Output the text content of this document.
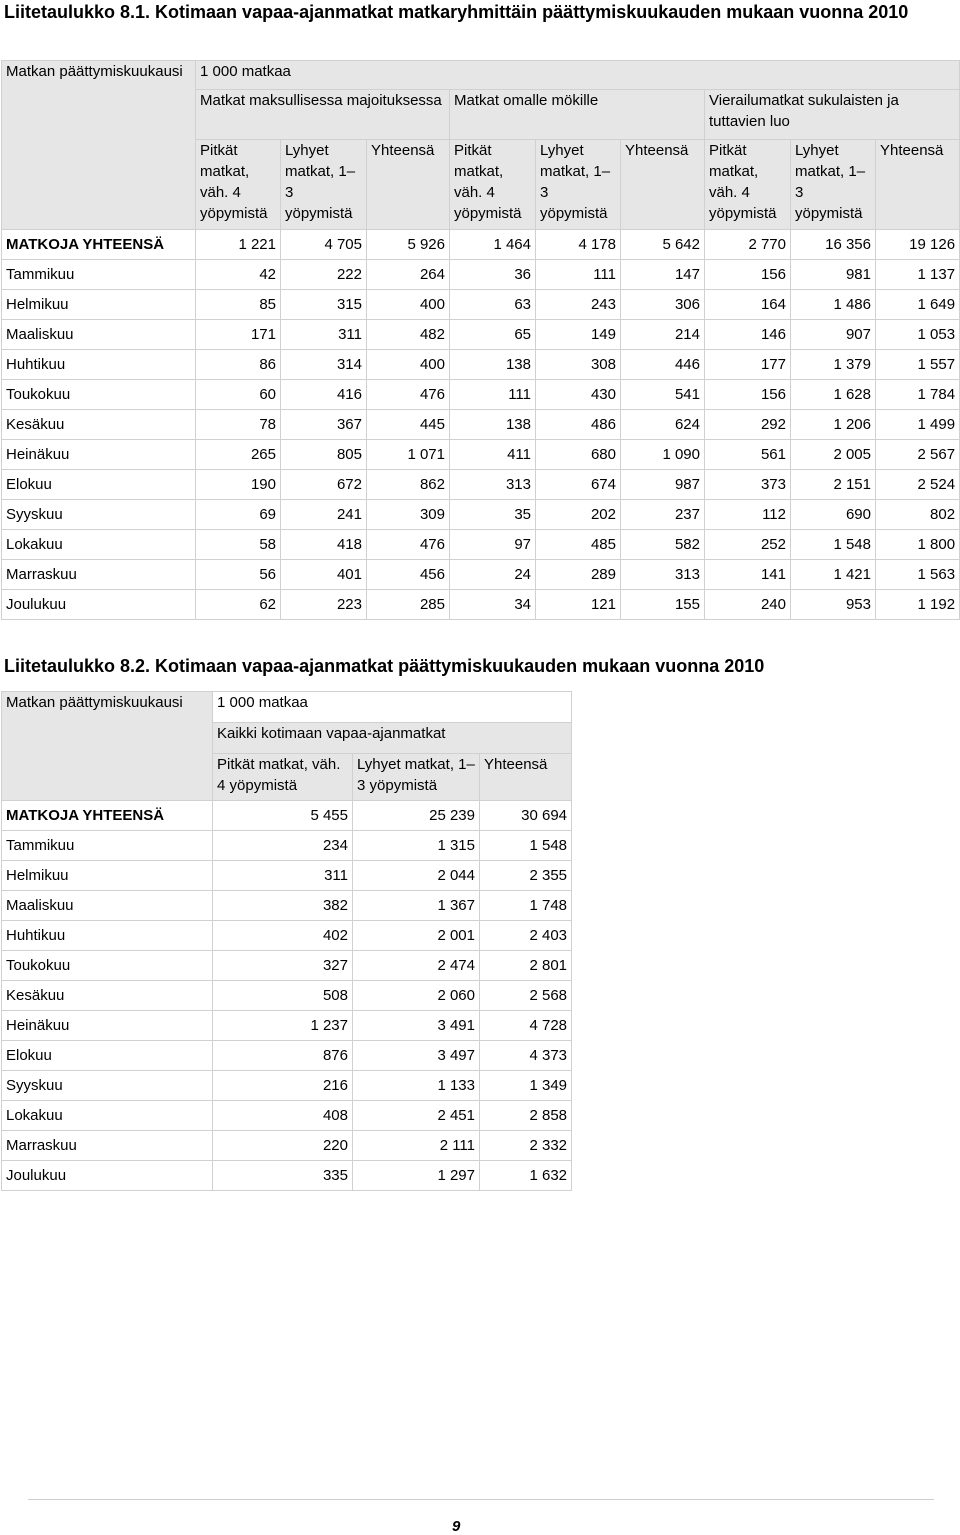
Liitetaulukko 8.1. Kotimaan vapaa-ajanmatkat matkaryhmittäin päättymiskuukauden mukaan vuonna 2010
Matkan päättymiskuukausi	1 000 matkaa								
	Matkat maksullisessa majoituksessa			Matkat omalle mökille			Vierailumatkat sukulaisten ja tuttavien luo		
	Pitkät matkat, väh. 4 yöpymistä	Lyhyet matkat, 1–3 yöpymistä	Yhteensä	Pitkät matkat, väh. 4 yöpymistä	Lyhyet matkat, 1–3 yöpymistä	Yhteensä	Pitkät matkat, väh. 4 yöpymistä	Lyhyet matkat, 1–3 yöpymistä	Yhteensä
MATKOJA YHTEENSÄ	1 221	4 705	5 926	1 464	4 178	5 642	2 770	16 356	19 126
Tammikuu	42	222	264	36	111	147	156	981	1 137
Helmikuu	85	315	400	63	243	306	164	1 486	1 649
Maaliskuu	171	311	482	65	149	214	146	907	1 053
Huhtikuu	86	314	400	138	308	446	177	1 379	1 557
Toukokuu	60	416	476	111	430	541	156	1 628	1 784
Kesäkuu	78	367	445	138	486	624	292	1 206	1 499
Heinäkuu	265	805	1 071	411	680	1 090	561	2 005	2 567
Elokuu	190	672	862	313	674	987	373	2 151	2 524
Syyskuu	69	241	309	35	202	237	112	690	802
Lokakuu	58	418	476	97	485	582	252	1 548	1 800
Marraskuu	56	401	456	24	289	313	141	1 421	1 563
Joulukuu	62	223	285	34	121	155	240	953	1 192
Liitetaulukko 8.2. Kotimaan vapaa-ajanmatkat päättymiskuukauden mukaan vuonna 2010
Matkan päättymiskuukausi	1 000 matkaa		
	Kaikki kotimaan vapaa-ajanmatkat		
	Pitkät matkat, väh. 4 yöpymistä	Lyhyet matkat, 1–3 yöpymistä	Yhteensä
MATKOJA YHTEENSÄ	5 455	25 239	30 694
Tammikuu	234	1 315	1 548
Helmikuu	311	2 044	2 355
Maaliskuu	382	1 367	1 748
Huhtikuu	402	2 001	2 403
Toukokuu	327	2 474	2 801
Kesäkuu	508	2 060	2 568
Heinäkuu	1 237	3 491	4 728
Elokuu	876	3 497	4 373
Syyskuu	216	1 133	1 349
Lokakuu	408	2 451	2 858
Marraskuu	220	2 111	2 332
Joulukuu	335	1 297	1 632
9
